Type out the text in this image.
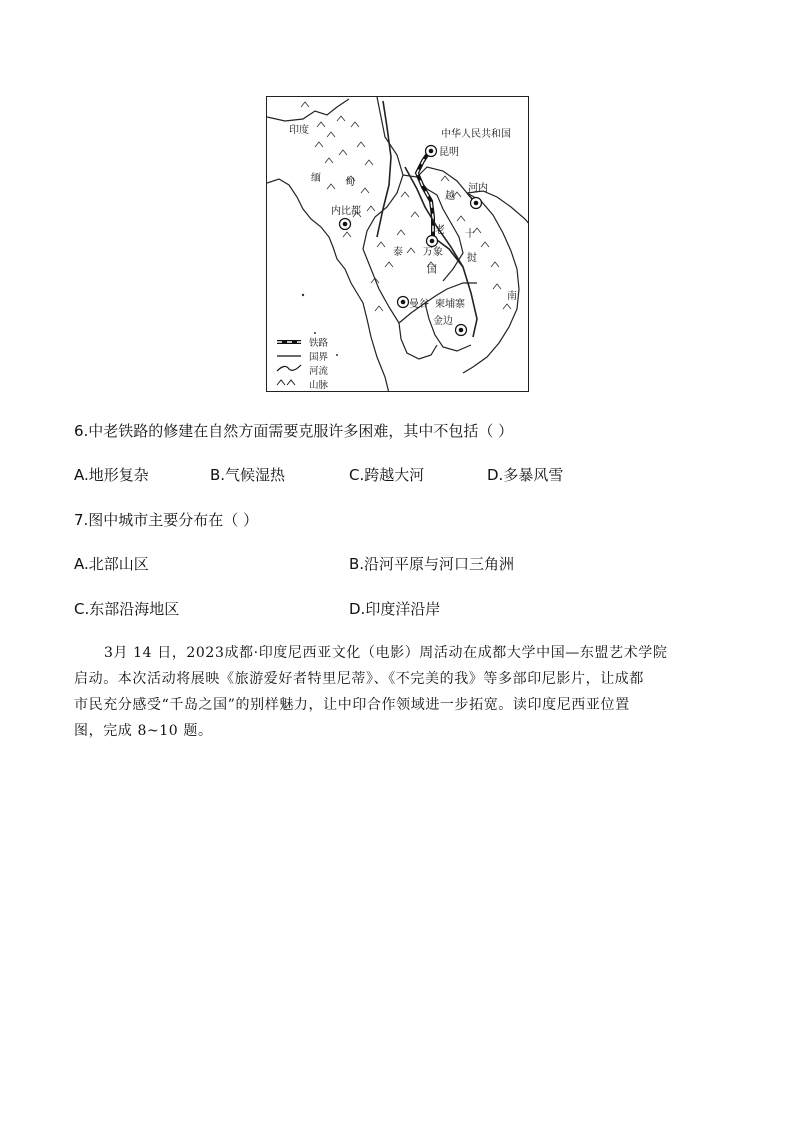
印度	中华人民共和国
昆明
缅 甸
内比都
越
河内
老
万象
国
泰
十
挝
南
曼谷 柬埔寨
金边
铁路
国界
河流
山脉
6.中老铁路的修建在自然方面需要克服许多困难，其中不包括（ ）
A.地形复杂	B.气候湿热	C.跨越大河	D.多暴风雪
7.图中城市主要分布在（ ）
A.北部山区	B.沿河平原与河口三角洲
C.东部沿海地区	D.印度洋沿岸
3月 14 日，2023成都·印度尼西亚文化（电影）周活动在成都大学中国—东盟艺术学院
启动。本次活动将展映《旅游爱好者特里尼蒂》、《不完美的我》等多部印尼影片，让成都
市民充分感受“千岛之国”的别样魅力，让中印合作领域进一步拓宽。读印度尼西亚位置
图，完成 8~10 题。
